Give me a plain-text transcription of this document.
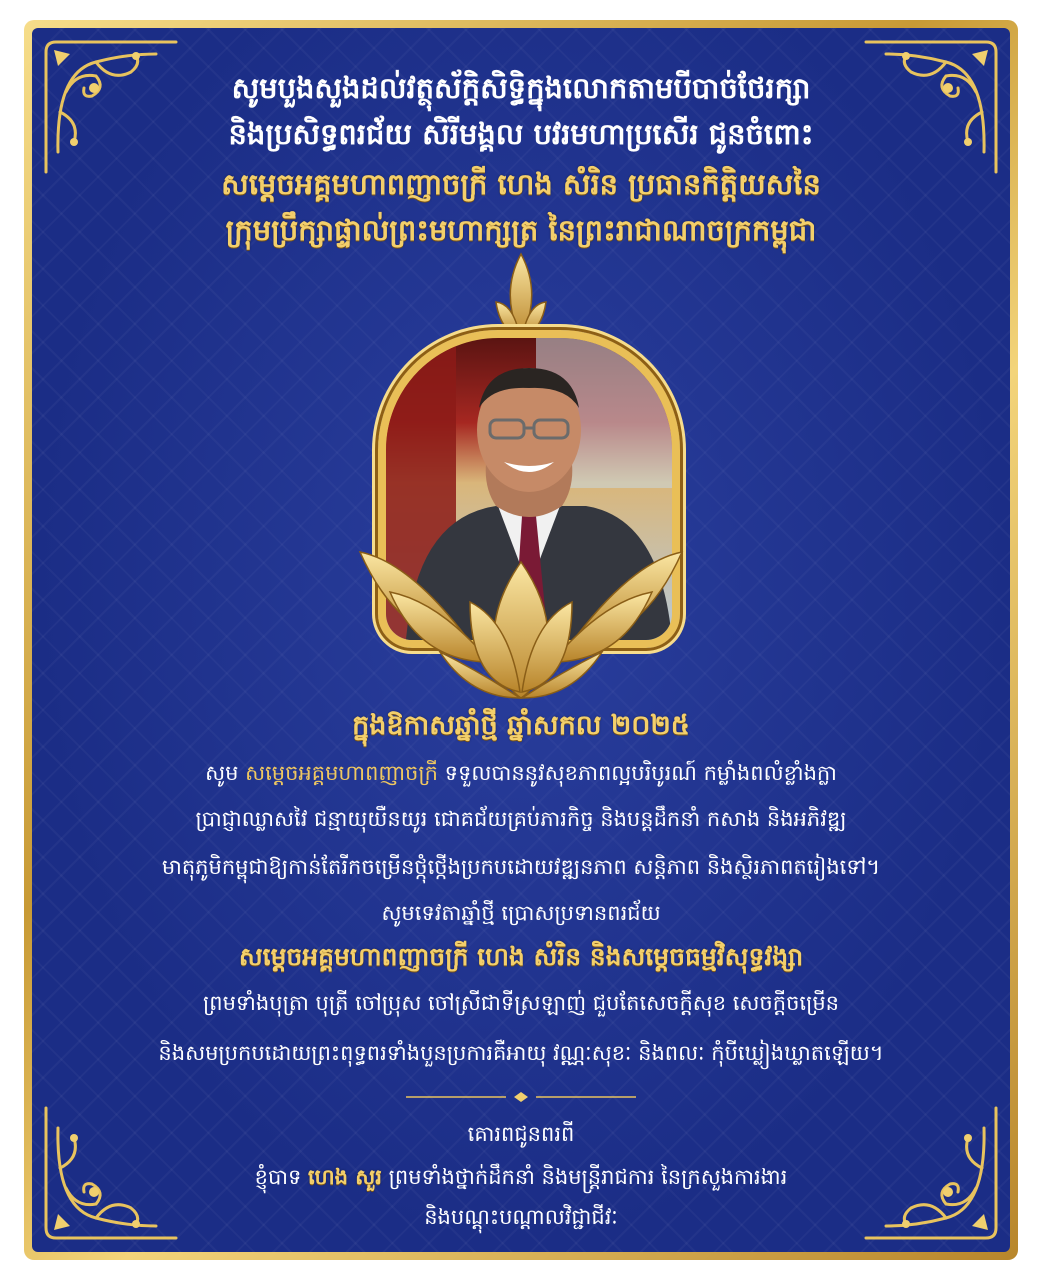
សូមបួងសួងដល់វត្ថុស័ក្តិសិទ្ធិក្នុងលោកតាមបីបាច់ថែរក្សា
និងប្រសិទ្ធពរជ័យ សិរីមង្គល បវរមហាប្រសើរ ជូនចំពោះ
សម្តេចអគ្គមហាពញាចក្រី ហេង សំរិន ប្រធានកិត្តិយសនៃ
ក្រុមប្រឹក្សាផ្ទាល់ព្រះមហាក្សត្រ នៃព្រះរាជាណាចក្រកម្ពុជា
ក្នុងឱកាសឆ្នាំថ្មី ឆ្នាំសកល ២០២៥
សូម សម្តេចអគ្គមហាពញាចក្រី ទទួលបាននូវសុខភាពល្អបរិបូរណ៍ កម្លាំងពលំខ្លាំងក្លា
ប្រាជ្ញាឈ្លាសវៃ ជន្មាយុយឺនយូរ ជោគជ័យគ្រប់ភារកិច្ច និងបន្តដឹកនាំ កសាង និងអភិវឌ្ឍ
មាតុភូមិកម្ពុជាឱ្យកាន់តែរីកចម្រើនថ្កុំថ្កើងប្រកបដោយវឌ្ឍនភាព សន្តិភាព និងស្ថិរភាពតរៀងទៅ។
សូមទេវតាឆ្នាំថ្មី ប្រោសប្រទានពរជ័យ
សម្តេចអគ្គមហាពញាចក្រី ហេង សំរិន និងសម្តេចធម្មវិសុទ្ធវង្សា
ព្រមទាំងបុត្រា បុត្រី ចៅប្រុស ចៅស្រីជាទីស្រឡាញ់ ជួបតែសេចក្តីសុខ សេចក្តីចម្រើន
និងសមប្រកបដោយព្រះពុទ្ធពរទាំងបួនប្រការគឺអាយុ វណ្ណៈសុខៈ និងពលៈ កុំបីឃ្លៀងឃ្លាតឡើយ។
គោរពជូនពរពី
ខ្ញុំបាទ ហេង សួរ ព្រមទាំងថ្នាក់ដឹកនាំ និងមន្ត្រីរាជការ នៃក្រសួងការងារ
និងបណ្តុះបណ្តាលវិជ្ជាជីវៈ
